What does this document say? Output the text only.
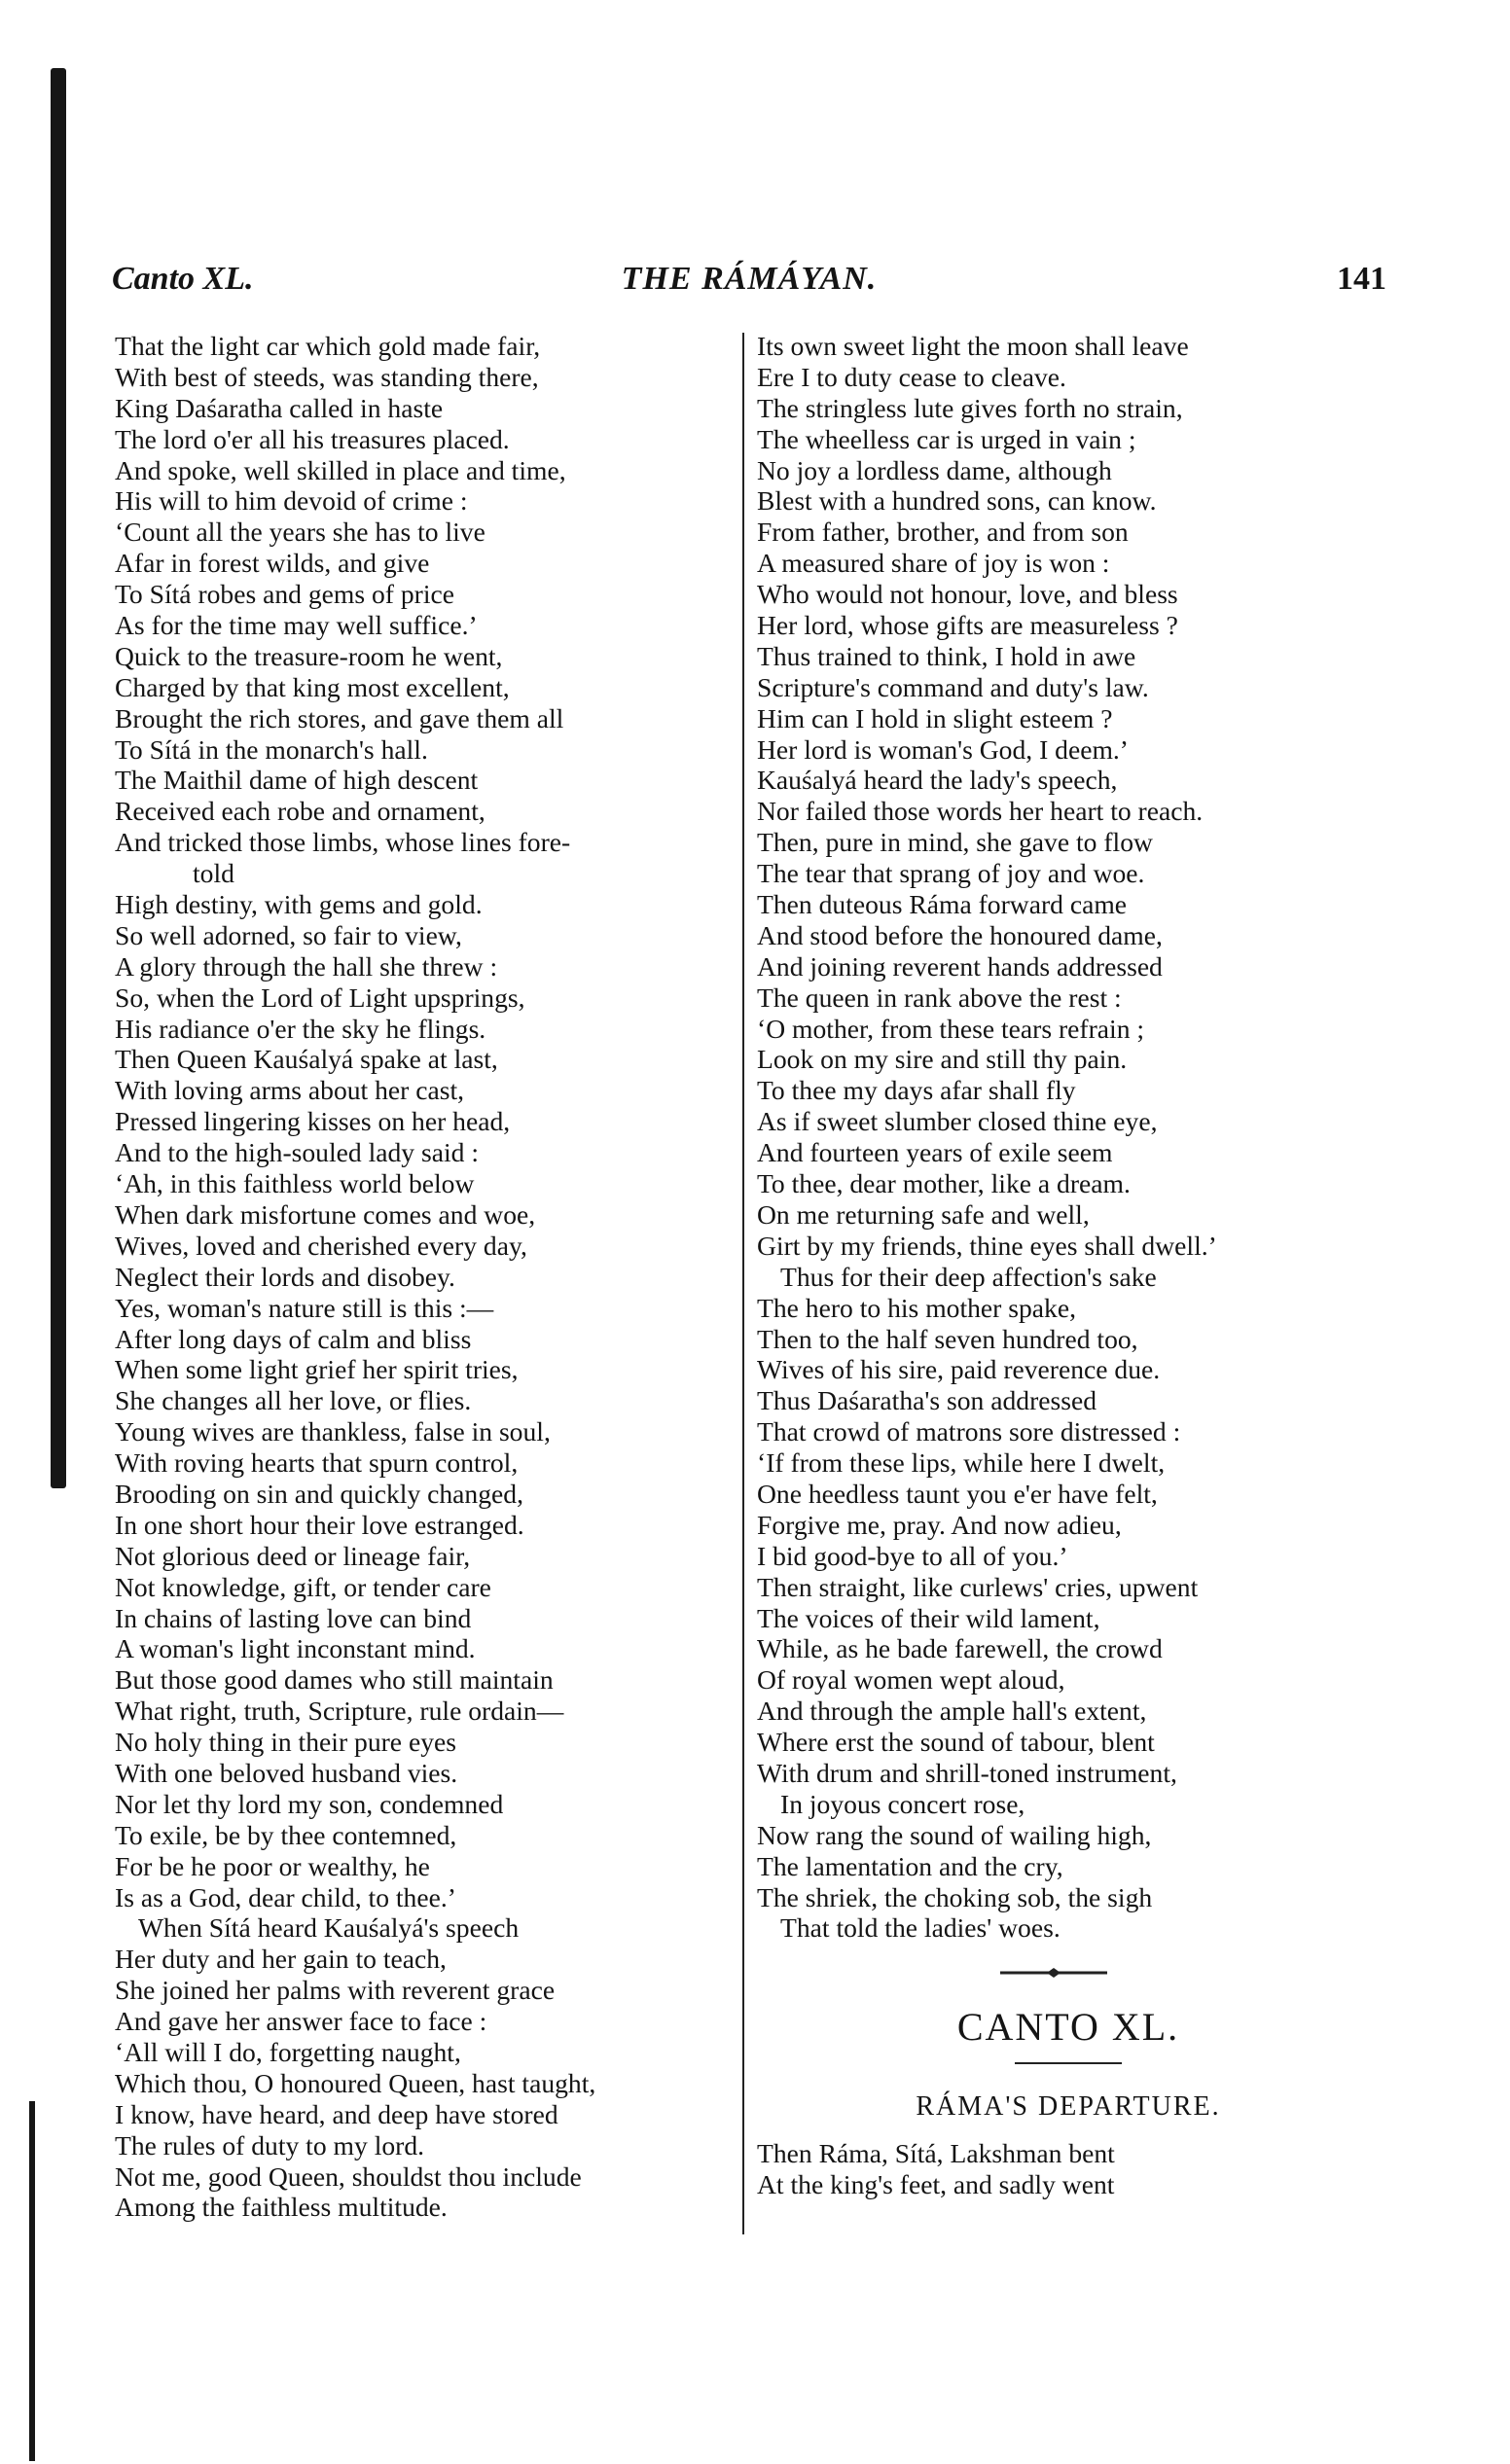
Canto XL.	THE RÁMÁYAN.	141
That the light car which gold made fair,
With best of steeds, was standing there,
King Daśaratha called in haste
The lord o'er all his treasures placed.
And spoke, well skilled in place and time,
His will to him devoid of crime :
‘Count all the years she has to live
Afar in forest wilds, and give
To Sítá robes and gems of price
As for the time may well suffice.’
Quick to the treasure-room he went,
Charged by that king most excellent,
Brought the rich stores, and gave them all
To Sítá in the monarch's hall.
The Maithil dame of high descent
Received each robe and ornament,
And tricked those limbs, whose lines fore-
told
High destiny, with gems and gold.
So well adorned, so fair to view,
A glory through the hall she threw :
So, when the Lord of Light upsprings,
His radiance o'er the sky he flings.
Then Queen Kauśalyá spake at last,
With loving arms about her cast,
Pressed lingering kisses on her head,
And to the high-souled lady said :
‘Ah, in this faithless world below
When dark misfortune comes and woe,
Wives, loved and cherished every day,
Neglect their lords and disobey.
Yes, woman's nature still is this :—
After long days of calm and bliss
When some light grief her spirit tries,
She changes all her love, or flies.
Young wives are thankless, false in soul,
With roving hearts that spurn control,
Brooding on sin and quickly changed,
In one short hour their love estranged.
Not glorious deed or lineage fair,
Not knowledge, gift, or tender care
In chains of lasting love can bind
A woman's light inconstant mind.
But those good dames who still maintain
What right, truth, Scripture, rule ordain—
No holy thing in their pure eyes
With one beloved husband vies.
Nor let thy lord my son, condemned
To exile, be by thee contemned,
For be he poor or wealthy, he
Is as a God, dear child, to thee.’
When Sítá heard Kauśalyá's speech
Her duty and her gain to teach,
She joined her palms with reverent grace
And gave her answer face to face :
‘All will I do, forgetting naught,
Which thou, O honoured Queen, hast taught,
I know, have heard, and deep have stored
The rules of duty to my lord.
Not me, good Queen, shouldst thou include
Among the faithless multitude.
Its own sweet light the moon shall leave
Ere I to duty cease to cleave.
The stringless lute gives forth no strain,
The wheelless car is urged in vain ;
No joy a lordless dame, although
Blest with a hundred sons, can know.
From father, brother, and from son
A measured share of joy is won :
Who would not honour, love, and bless
Her lord, whose gifts are measureless ?
Thus trained to think, I hold in awe
Scripture's command and duty's law.
Him can I hold in slight esteem ?
Her lord is woman's God, I deem.’
Kauśalyá heard the lady's speech,
Nor failed those words her heart to reach.
Then, pure in mind, she gave to flow
The tear that sprang of joy and woe.
Then duteous Ráma forward came
And stood before the honoured dame,
And joining reverent hands addressed
The queen in rank above the rest :
‘O mother, from these tears refrain ;
Look on my sire and still thy pain.
To thee my days afar shall fly
As if sweet slumber closed thine eye,
And fourteen years of exile seem
To thee, dear mother, like a dream.
On me returning safe and well,
Girt by my friends, thine eyes shall dwell.’
Thus for their deep affection's sake
The hero to his mother spake,
Then to the half seven hundred too,
Wives of his sire, paid reverence due.
Thus Daśaratha's son addressed
That crowd of matrons sore distressed :
‘If from these lips, while here I dwelt,
One heedless taunt you e'er have felt,
Forgive me, pray. And now adieu,
I bid good-bye to all of you.’
Then straight, like curlews' cries, upwent
The voices of their wild lament,
While, as he bade farewell, the crowd
Of royal women wept aloud,
And through the ample hall's extent,
Where erst the sound of tabour, blent
With drum and shrill-toned instrument,
In joyous concert rose,
Now rang the sound of wailing high,
The lamentation and the cry,
The shriek, the choking sob, the sigh
That told the ladies' woes.
CANTO XL.
RÁMA'S DEPARTURE.
Then Ráma, Sítá, Lakshman bent
At the king's feet, and sadly went
